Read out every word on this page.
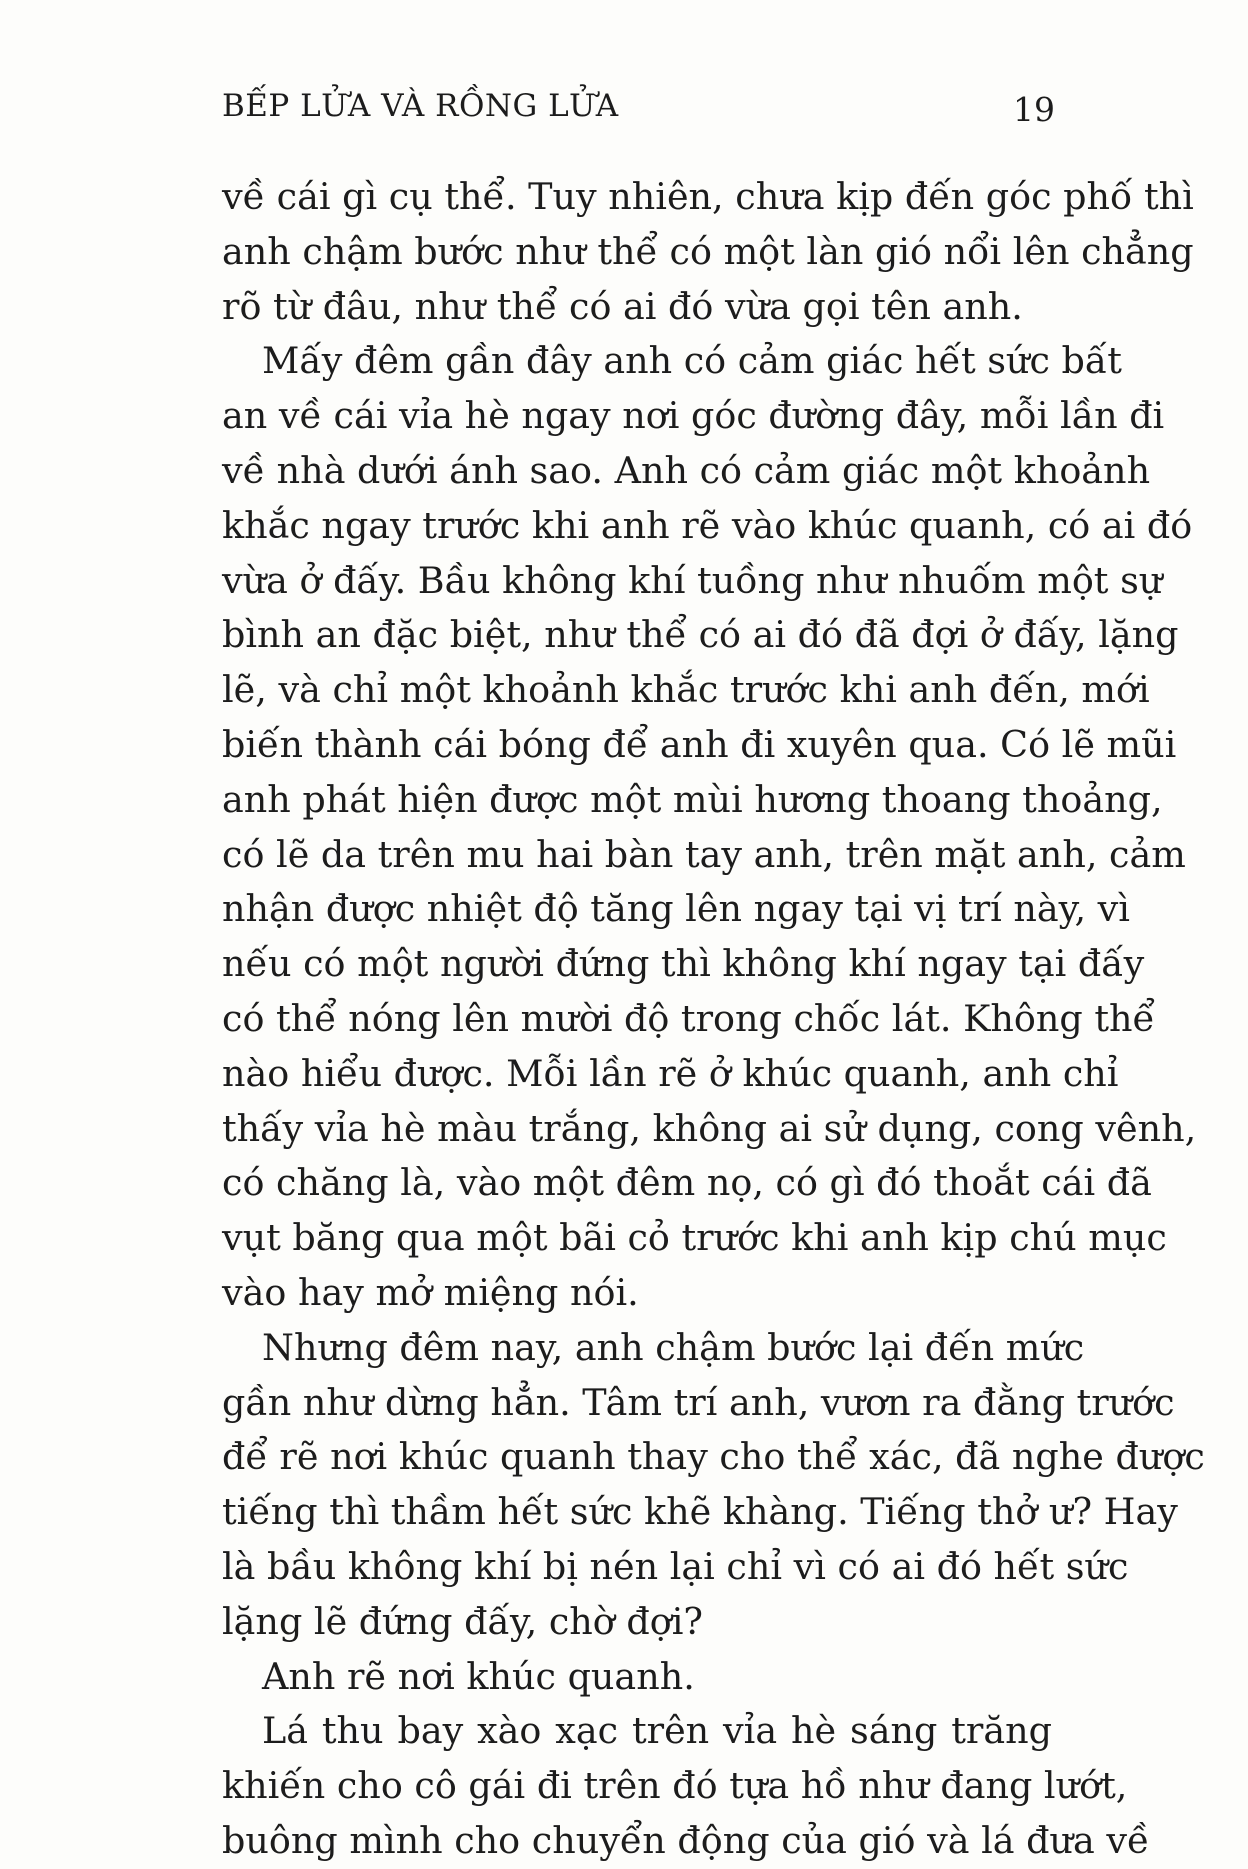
BẾP LỬA VÀ RỒNG LỬA	19
về cái gì cụ thể. Tuy nhiên, chưa kịp đến góc phố thì
anh chậm bước như thể có một làn gió nổi lên chẳng
rõ từ đâu, như thể có ai đó vừa gọi tên anh.
Mấy đêm gần đây anh có cảm giác hết sức bất
an về cái vỉa hè ngay nơi góc đường đây, mỗi lần đi
về nhà dưới ánh sao. Anh có cảm giác một khoảnh
khắc ngay trước khi anh rẽ vào khúc quanh, có ai đó
vừa ở đấy. Bầu không khí tuồng như nhuốm một sự
bình an đặc biệt, như thể có ai đó đã đợi ở đấy, lặng
lẽ, và chỉ một khoảnh khắc trước khi anh đến, mới
biến thành cái bóng để anh đi xuyên qua. Có lẽ mũi
anh phát hiện được một mùi hương thoang thoảng,
có lẽ da trên mu hai bàn tay anh, trên mặt anh, cảm
nhận được nhiệt độ tăng lên ngay tại vị trí này, vì
nếu có một người đứng thì không khí ngay tại đấy
có thể nóng lên mười độ trong chốc lát. Không thể
nào hiểu được. Mỗi lần rẽ ở khúc quanh, anh chỉ
thấy vỉa hè màu trắng, không ai sử dụng, cong vênh,
có chăng là, vào một đêm nọ, có gì đó thoắt cái đã
vụt băng qua một bãi cỏ trước khi anh kịp chú mục
vào hay mở miệng nói.
Nhưng đêm nay, anh chậm bước lại đến mức
gần như dừng hẳn. Tâm trí anh, vươn ra đằng trước
để rẽ nơi khúc quanh thay cho thể xác, đã nghe được
tiếng thì thầm hết sức khẽ khàng. Tiếng thở ư? Hay
là bầu không khí bị nén lại chỉ vì có ai đó hết sức
lặng lẽ đứng đấy, chờ đợi?
Anh rẽ nơi khúc quanh.
Lá thu bay xào xạc trên vỉa hè sáng trăng
khiến cho cô gái đi trên đó tựa hồ như đang lướt,
buông mình cho chuyển động của gió và lá đưa về
